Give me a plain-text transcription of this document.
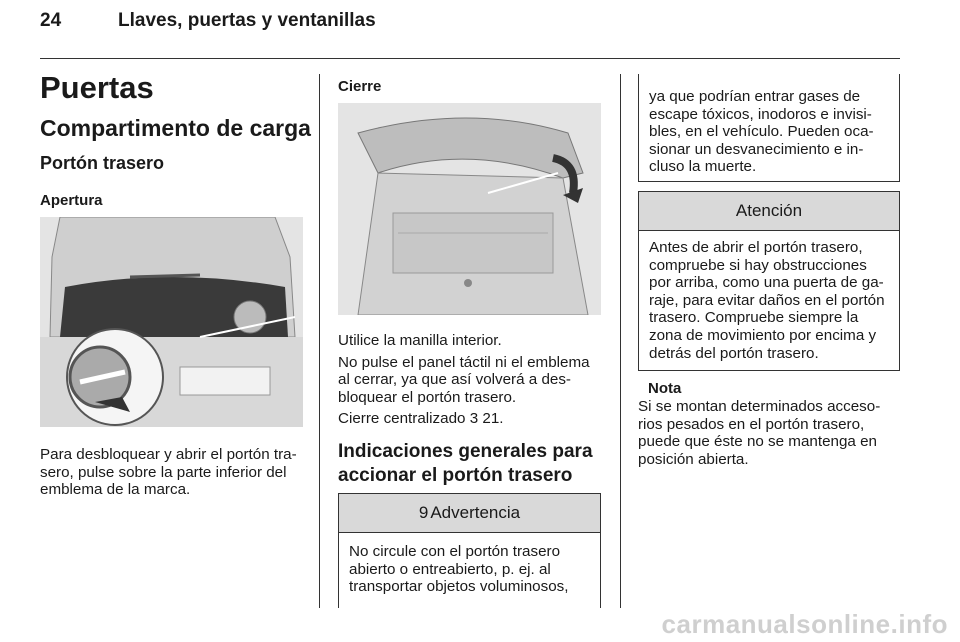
24	Llaves, puertas y ventanillas
Puertas
Compartimento de carga
Portón trasero
Apertura
Para desbloquear y abrir el portón tra-
sero, pulse sobre la parte inferior del
emblema de la marca.
Cierre
Utilice la manilla interior.
No pulse el panel táctil ni el emblema
al cerrar, ya que así volverá a des-
bloquear el portón trasero.
Cierre centralizado 3 21.
Indicaciones generales para
accionar el portón trasero
9 Advertencia
No circule con el portón trasero
abierto o entreabierto, p. ej. al
transportar objetos voluminosos,
ya que podrían entrar gases de
escape tóxicos, inodoros e invisi-
bles, en el vehículo. Pueden oca-
sionar un desvanecimiento e in-
cluso la muerte.
Atención
Antes de abrir el portón trasero,
compruebe si hay obstrucciones
por arriba, como una puerta de ga-
raje, para evitar daños en el portón
trasero. Compruebe siempre la
zona de movimiento por encima y
detrás del portón trasero.
Nota
Si se montan determinados acceso-
rios pesados en el portón trasero,
puede que éste no se mantenga en
posición abierta.
carmanualsonline.info
